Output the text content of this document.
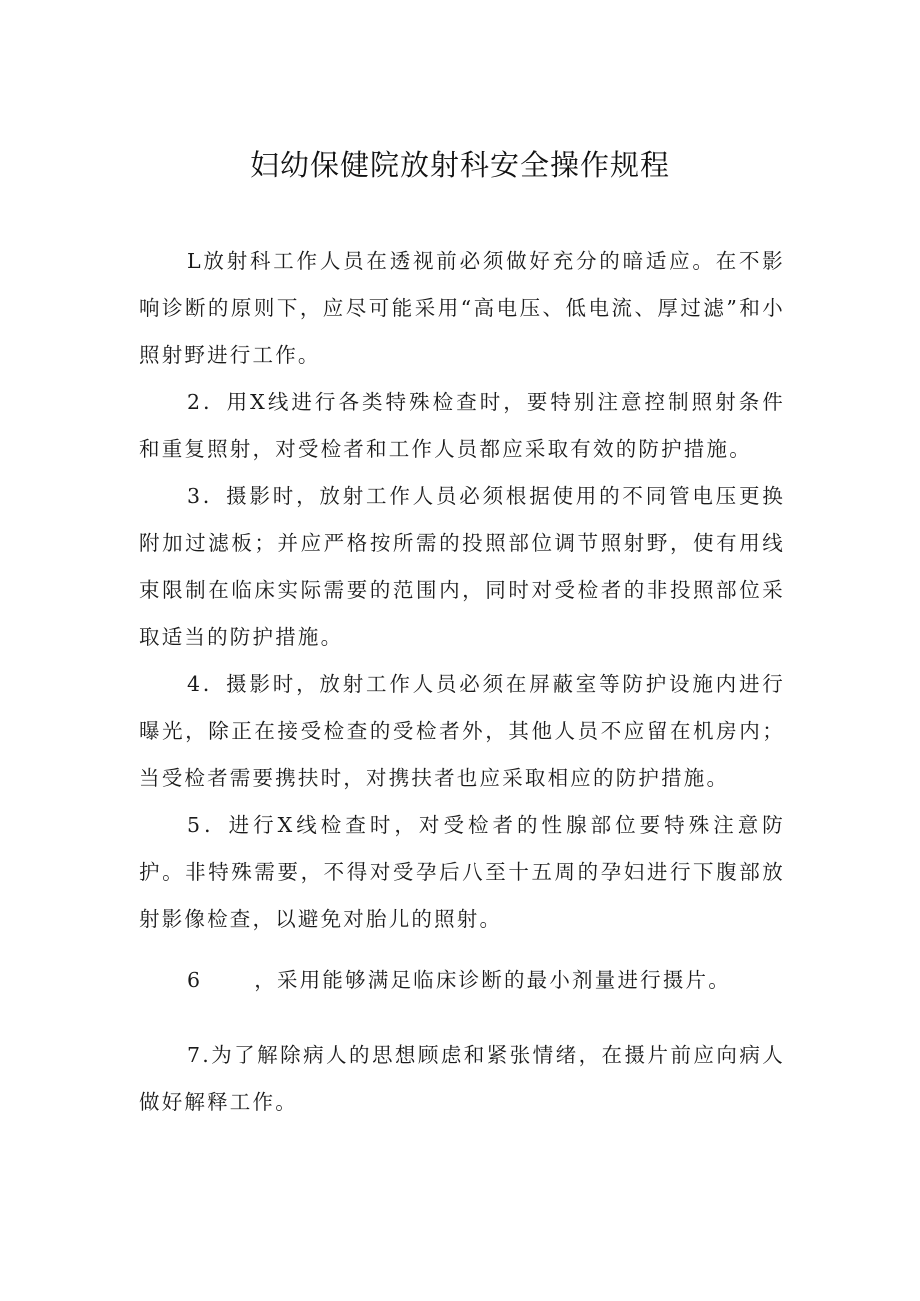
妇幼保健院放射科安全操作规程

L放射科工作人员在透视前必须做好充分的暗适应。在不影响诊断的原则下，应尽可能采用“高电压、低电流、厚过滤”和小照射野进行工作。

2．用X线进行各类特殊检查时，要特别注意控制照射条件和重复照射，对受检者和工作人员都应采取有效的防护措施。

3．摄影时，放射工作人员必须根据使用的不同管电压更换附加过滤板；并应严格按所需的投照部位调节照射野，使有用线束限制在临床实际需要的范围内，同时对受检者的非投照部位采取适当的防护措施。

4．摄影时，放射工作人员必须在屏蔽室等防护设施内进行曝光，除正在接受检查的受检者外，其他人员不应留在机房内；当受检者需要携扶时，对携扶者也应采取相应的防护措施。

5．进行X线检查时，对受检者的性腺部位要特殊注意防护。非特殊需要，不得对受孕后八至十五周的孕妇进行下腹部放射影像检查，以避免对胎儿的照射。

6	，采用能够满足临床诊断的最小剂量进行摄片。

7.为了解除病人的思想顾虑和紧张情绪，在摄片前应向病人做好解释工作。
